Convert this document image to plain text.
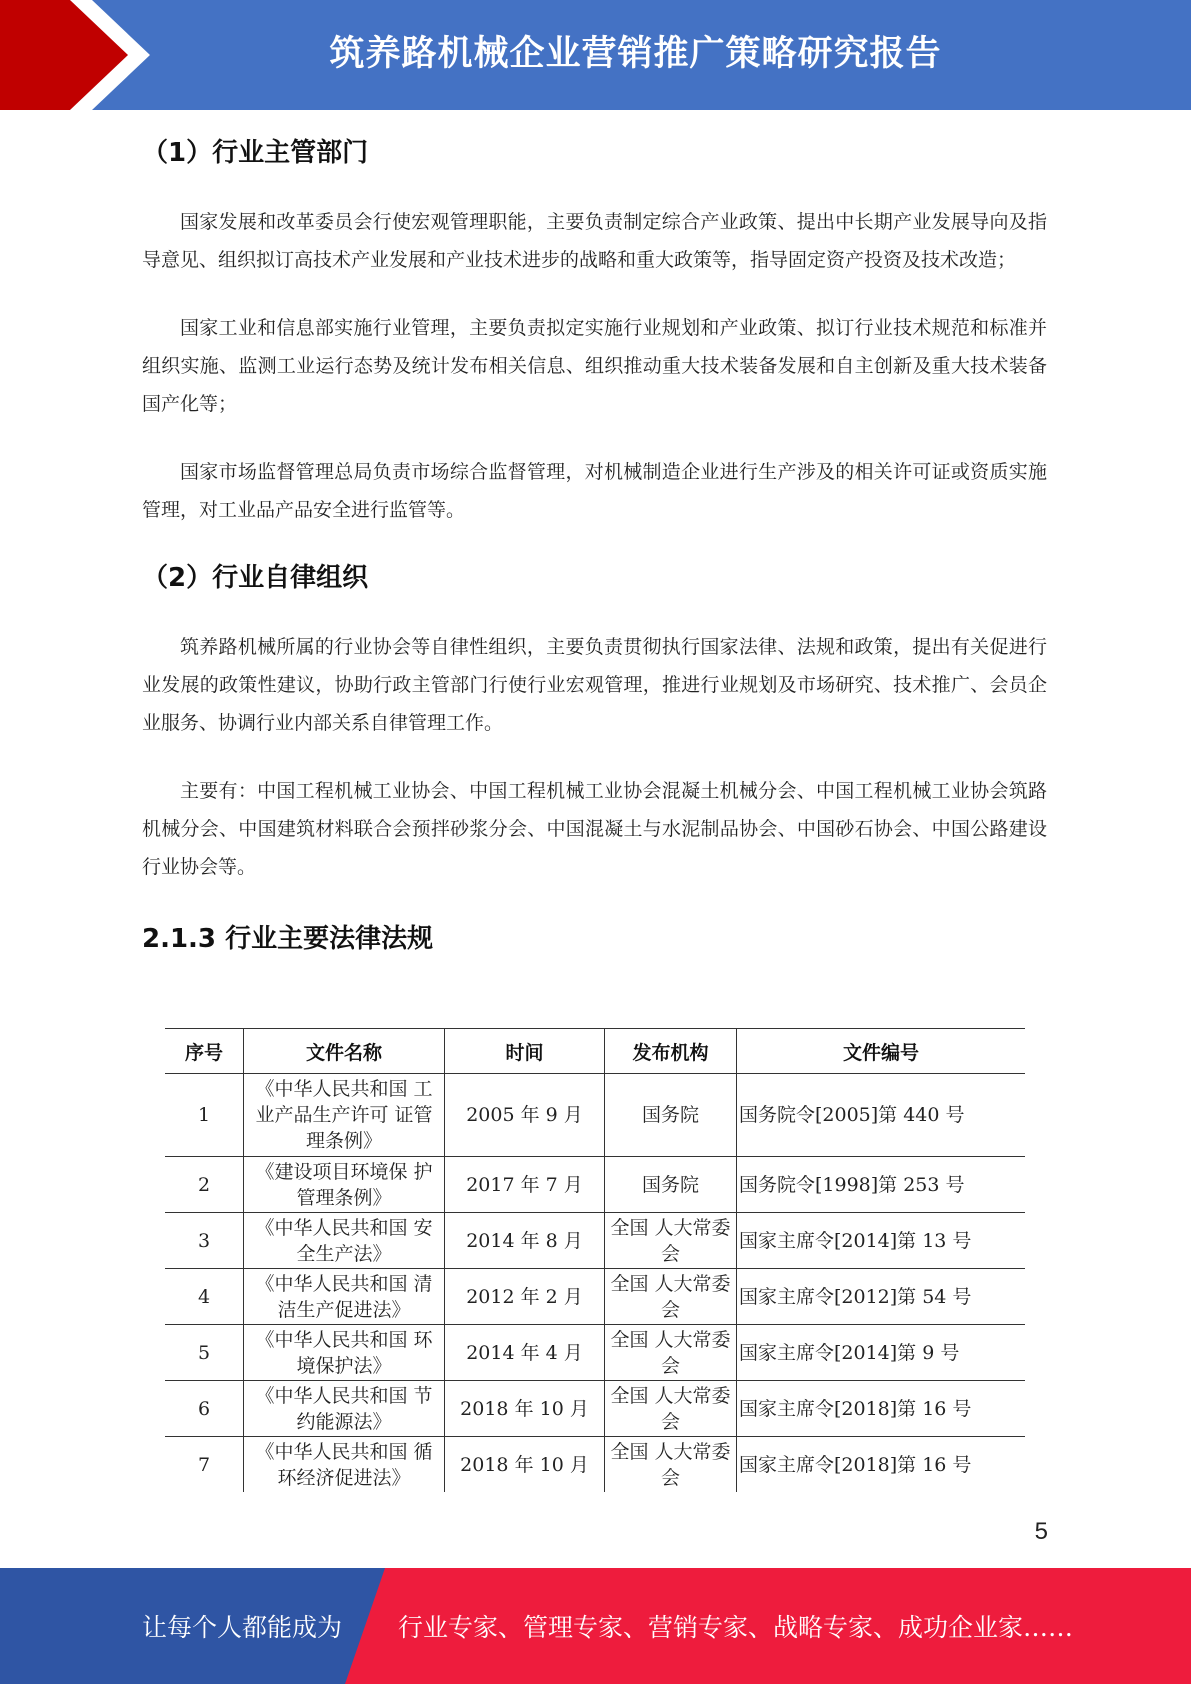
筑养路机械企业营销推广策略研究报告
（1）行业主管部门

国家发展和改革委员会行使宏观管理职能，主要负责制定综合产业政策、提出中长期产业发展导向及指导意见、组织拟订高技术产业发展和产业技术进步的战略和重大政策等，指导固定资产投资及技术改造；

国家工业和信息部实施行业管理，主要负责拟定实施行业规划和产业政策、拟订行业技术规范和标准并组织实施、监测工业运行态势及统计发布相关信息、组织推动重大技术装备发展和自主创新及重大技术装备国产化等；

国家市场监督管理总局负责市场综合监督管理，对机械制造企业进行生产涉及的相关许可证或资质实施管理，对工业品产品安全进行监管等。

（2）行业自律组织

筑养路机械所属的行业协会等自律性组织，主要负责贯彻执行国家法律、法规和政策，提出有关促进行业发展的政策性建议，协助行政主管部门行使行业宏观管理，推进行业规划及市场研究、技术推广、会员企业服务、协调行业内部关系自律管理工作。

主要有：中国工程机械工业协会、中国工程机械工业协会混凝土机械分会、中国工程机械工业协会筑路机械分会、中国建筑材料联合会预拌砂浆分会、中国混凝土与水泥制品协会、中国砂石协会、中国公路建设行业协会等。

2.1.3 行业主要法律法规
序号	文件名称	时间	发布机构	文件编号
1	《中华人民共和国 工业产品生产许可 证管理条例》	2005 年 9 月	国务院	国务院令[2005]第 440 号
2	《建设项目环境保 护管理条例》	2017 年 7 月	国务院	国务院令[1998]第 253 号
3	《中华人民共和国 安全生产法》	2014 年 8 月	全国 人大常委会	国家主席令[2014]第 13 号
4	《中华人民共和国 清洁生产促进法》	2012 年 2 月	全国 人大常委会	国家主席令[2012]第 54 号
5	《中华人民共和国 环境保护法》	2014 年 4 月	全国 人大常委会	国家主席令[2014]第 9 号
6	《中华人民共和国 节约能源法》	2018 年 10 月	全国 人大常委会	国家主席令[2018]第 16 号
7	《中华人民共和国 循环经济促进法》	2018 年 10 月	全国 人大常委会	国家主席令[2018]第 16 号
5
让每个人都能成为 行业专家、管理专家、营销专家、战略专家、成功企业家……
